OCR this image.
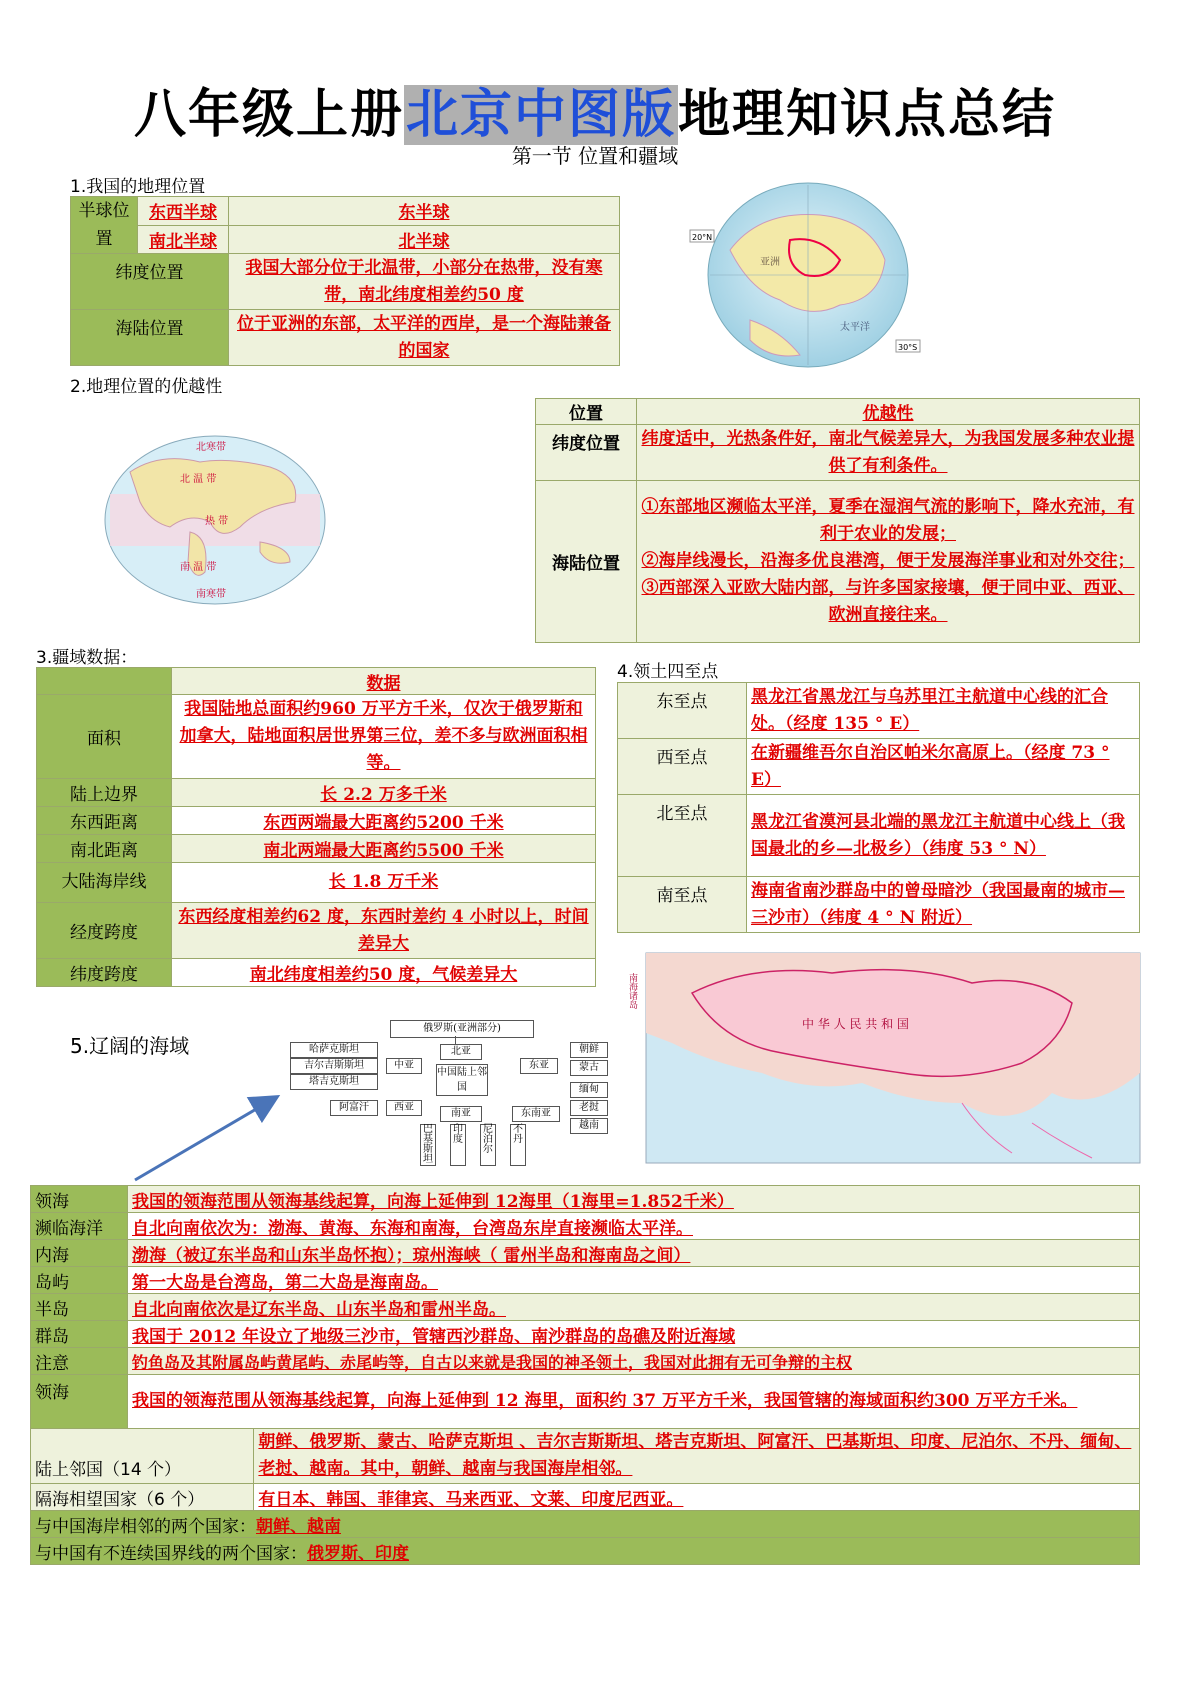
八年级上册北京中图版地理知识点总结
第一节 位置和疆域
1.我国的地理位置
半球位置	东西半球	东半球
	南北半球	北半球
纬度位置		我国大部分位于北温带，小部分在热带，没有寒带，南北纬度相差约50 度
海陆位置		位于亚洲的东部，太平洋的西岸，是一个海陆兼备的国家
20°N
30°S
太平洋
亚洲
2.地理位置的优越性
位置	优越性
纬度位置	纬度适中，光热条件好，南北气候差异大，为我国发展多种农业提供了有利条件。
海陆位置	①东部地区濒临太平洋，夏季在湿润气流的影响下，降水充沛，有利于农业的发展；
②海岸线漫长，沿海多优良港湾，便于发展海洋事业和对外交往；
③西部深入亚欧大陆内部，与许多国家接壤，便于同中亚、西亚、欧洲直接往来。
北寒带
北 温 带
热 带
南 温 带
南寒带
3.疆域数据：
	数据
面积	我国陆地总面积约960 万平方千米，仅次于俄罗斯和加拿大，陆地面积居世界第三位，差不多与欧洲面积相等。
陆上边界	长 2.2 万多千米
东西距离	东西两端最大距离约5200 千米
南北距离	南北两端最大距离约5500 千米
大陆海岸线	长 1.8 万千米
经度跨度	东西经度相差约62 度，东西时差约 4 小时以上，时间差异大
纬度跨度	南北纬度相差约50 度，气候差异大
4.领土四至点
东至点	黑龙江省黑龙江与乌苏里江主航道中心线的汇合处。（经度 135 ° E）
西至点	在新疆维吾尔自治区帕米尔高原上。（经度 73 ° E）
北至点	黑龙江省漠河县北端的黑龙江主航道中心线上（我国最北的乡—北极乡）（纬度 53 ° N）
南至点	海南省南沙群岛中的曾母暗沙（我国最南的城市—三沙市）（纬度 4 ° N 附近）
5.辽阔的海域
俄罗斯(亚洲部分)
北亚
哈萨克斯坦
吉尔吉斯斯坦
塔吉克斯坦
中亚
中国陆上邻国
东亚
朝鲜
蒙古
阿富汗	西亚
南亚	东南亚
缅甸
老挝
越南
巴基斯坦
印度
尼泊尔
不丹
中 华 人 民 共 和 国
南海诸岛
领海	我国的领海范围从领海基线起算，向海上延伸到 12海里（1海里=1.852千米）	
濒临海洋	自北向南依次为：渤海、黄海、东海和南海，台湾岛东岸直接濒临太平洋。	
内海	渤海（被辽东半岛和山东半岛怀抱）；琼州海峡（ 雷州半岛和海南岛之间）	
岛屿	第一大岛是台湾岛，第二大岛是海南岛。	
半岛	自北向南依次是辽东半岛、山东半岛和雷州半岛。	
群岛	我国于 2012 年设立了地级三沙市，管辖西沙群岛、南沙群岛的岛礁及附近海域	
注意	钓鱼岛及其附属岛屿黄尾屿、赤尾屿等，自古以来就是我国的神圣领土，我国对此拥有无可争辩的主权	
领海	我国的领海范围从领海基线起算，向海上延伸到 12 海里，面积约 37 万平方千米，我国管辖的海域面积约300 万平方千米。	
陆上邻国（14 个）		朝鲜、俄罗斯、蒙古、哈萨克斯坦 、吉尔吉斯斯坦、塔吉克斯坦、阿富汗、巴基斯坦、印度、尼泊尔、不丹、缅甸、老挝、越南。其中，朝鲜、越南与我国海岸相邻。
隔海相望国家（6 个）		有日本、韩国、菲律宾、马来西亚、文莱、印度尼西亚。
与中国海岸相邻的两个国家：朝鲜、越南		
与中国有不连续国界线的两个国家：俄罗斯、印度		
